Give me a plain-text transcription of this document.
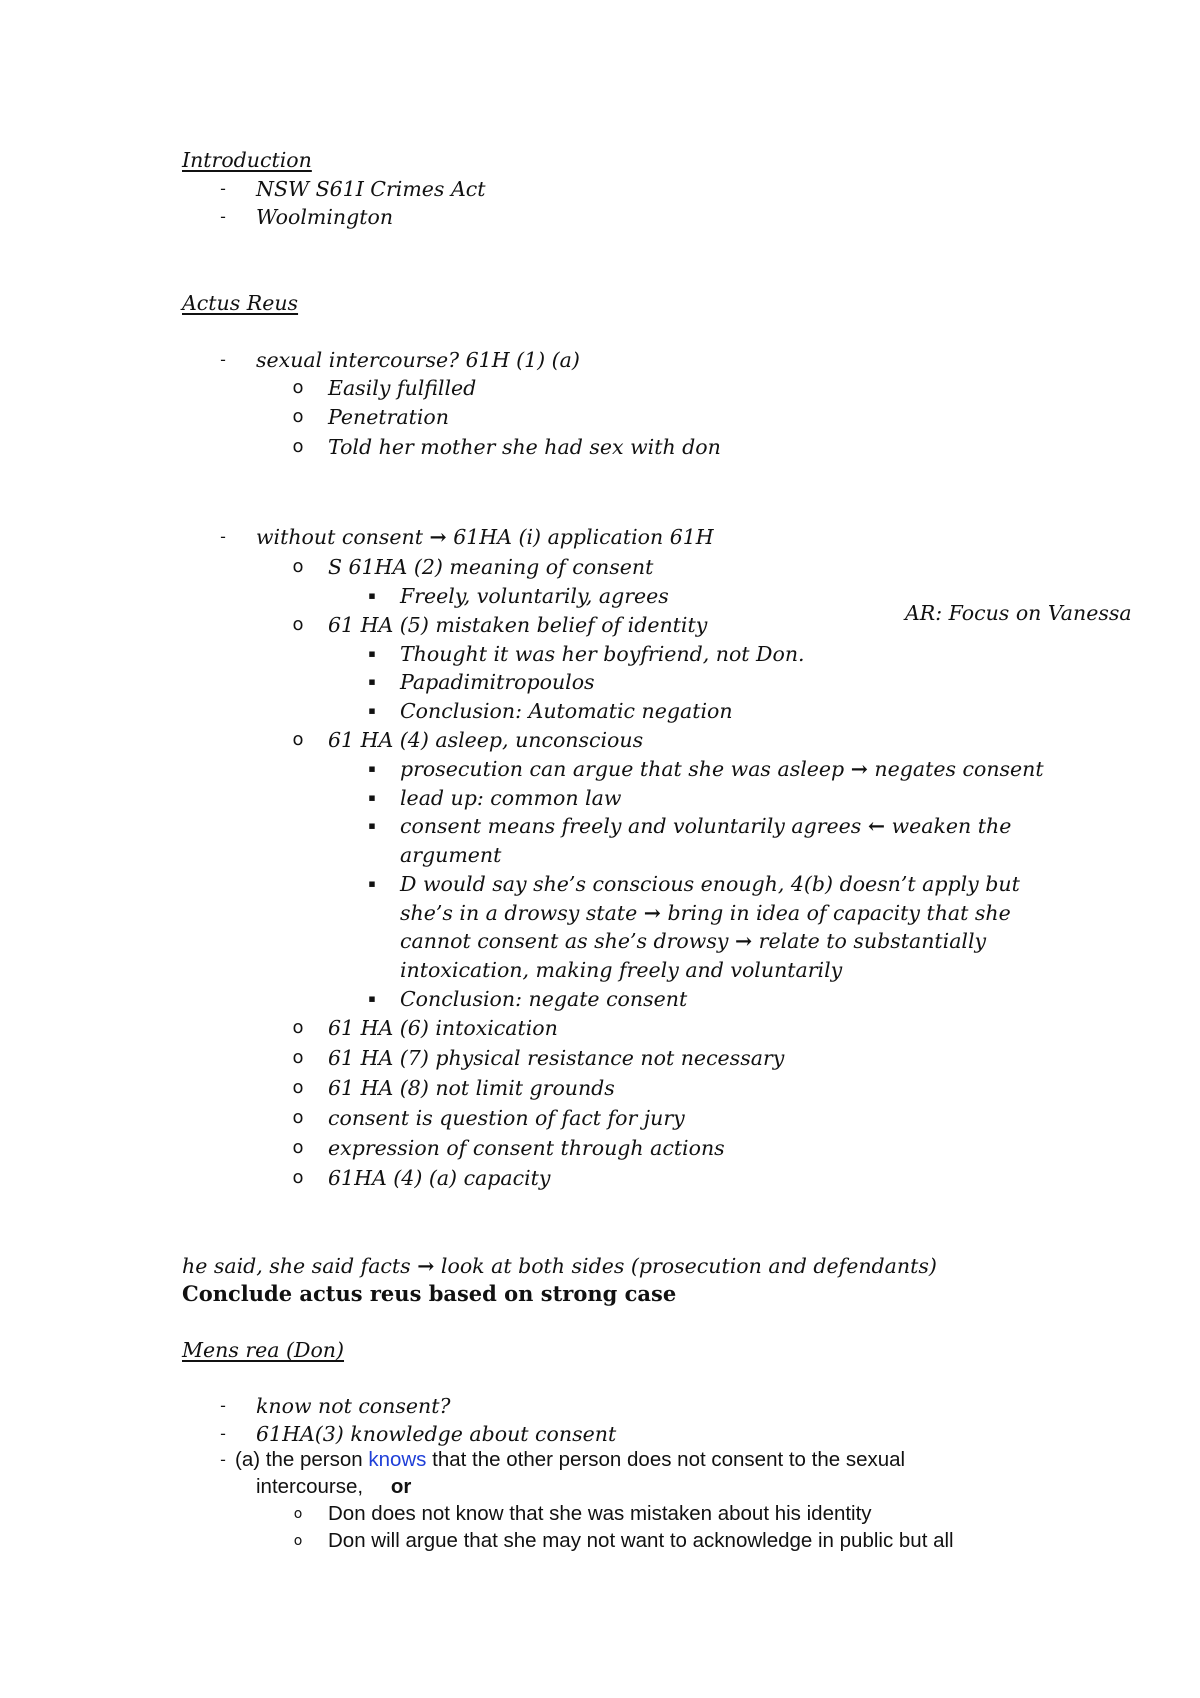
Introduction
-	NSW S61I Crimes Act
-	Woolmington
Actus Reus
-	sexual intercourse? 61H (1) (a)
o Easily fulfilled
o Penetration
o Told her mother she had sex with don
-	without consent → 61HA (i) application 61H
o S 61HA (2) meaning of consent
▪	Freely, voluntarily, agrees
AR: Focus on Vanessa
o 61 HA (5) mistaken belief of identity
▪	Thought it was her boyfriend, not Don.
▪	Papadimitropoulos
▪	Conclusion: Automatic negation
o 61 HA (4) asleep, unconscious
▪	prosecution can argue that she was asleep → negates consent
▪	lead up: common law
▪	consent means freely and voluntarily agrees ← weaken the
argument
▪	D would say she’s conscious enough, 4(b) doesn’t apply but
she’s in a drowsy state → bring in idea of capacity that she
cannot consent as she’s drowsy → relate to substantially
intoxication, making freely and voluntarily
▪	Conclusion: negate consent
o 61 HA (6) intoxication
o 61 HA (7) physical resistance not necessary
o 61 HA (8) not limit grounds
o consent is question of fact for jury
o expression of consent through actions
o 61HA (4) (a) capacity
he said, she said facts → look at both sides (prosecution and defendants)
Conclude actus reus based on strong case
Mens rea (Don)
-	know not consent?
-	61HA(3) knowledge about consent
- (a) the person knows that the other person does not consent to the sexual
intercourse, or
o Don does not know that she was mistaken about his identity
o Don will argue that she may not want to acknowledge in public but all
